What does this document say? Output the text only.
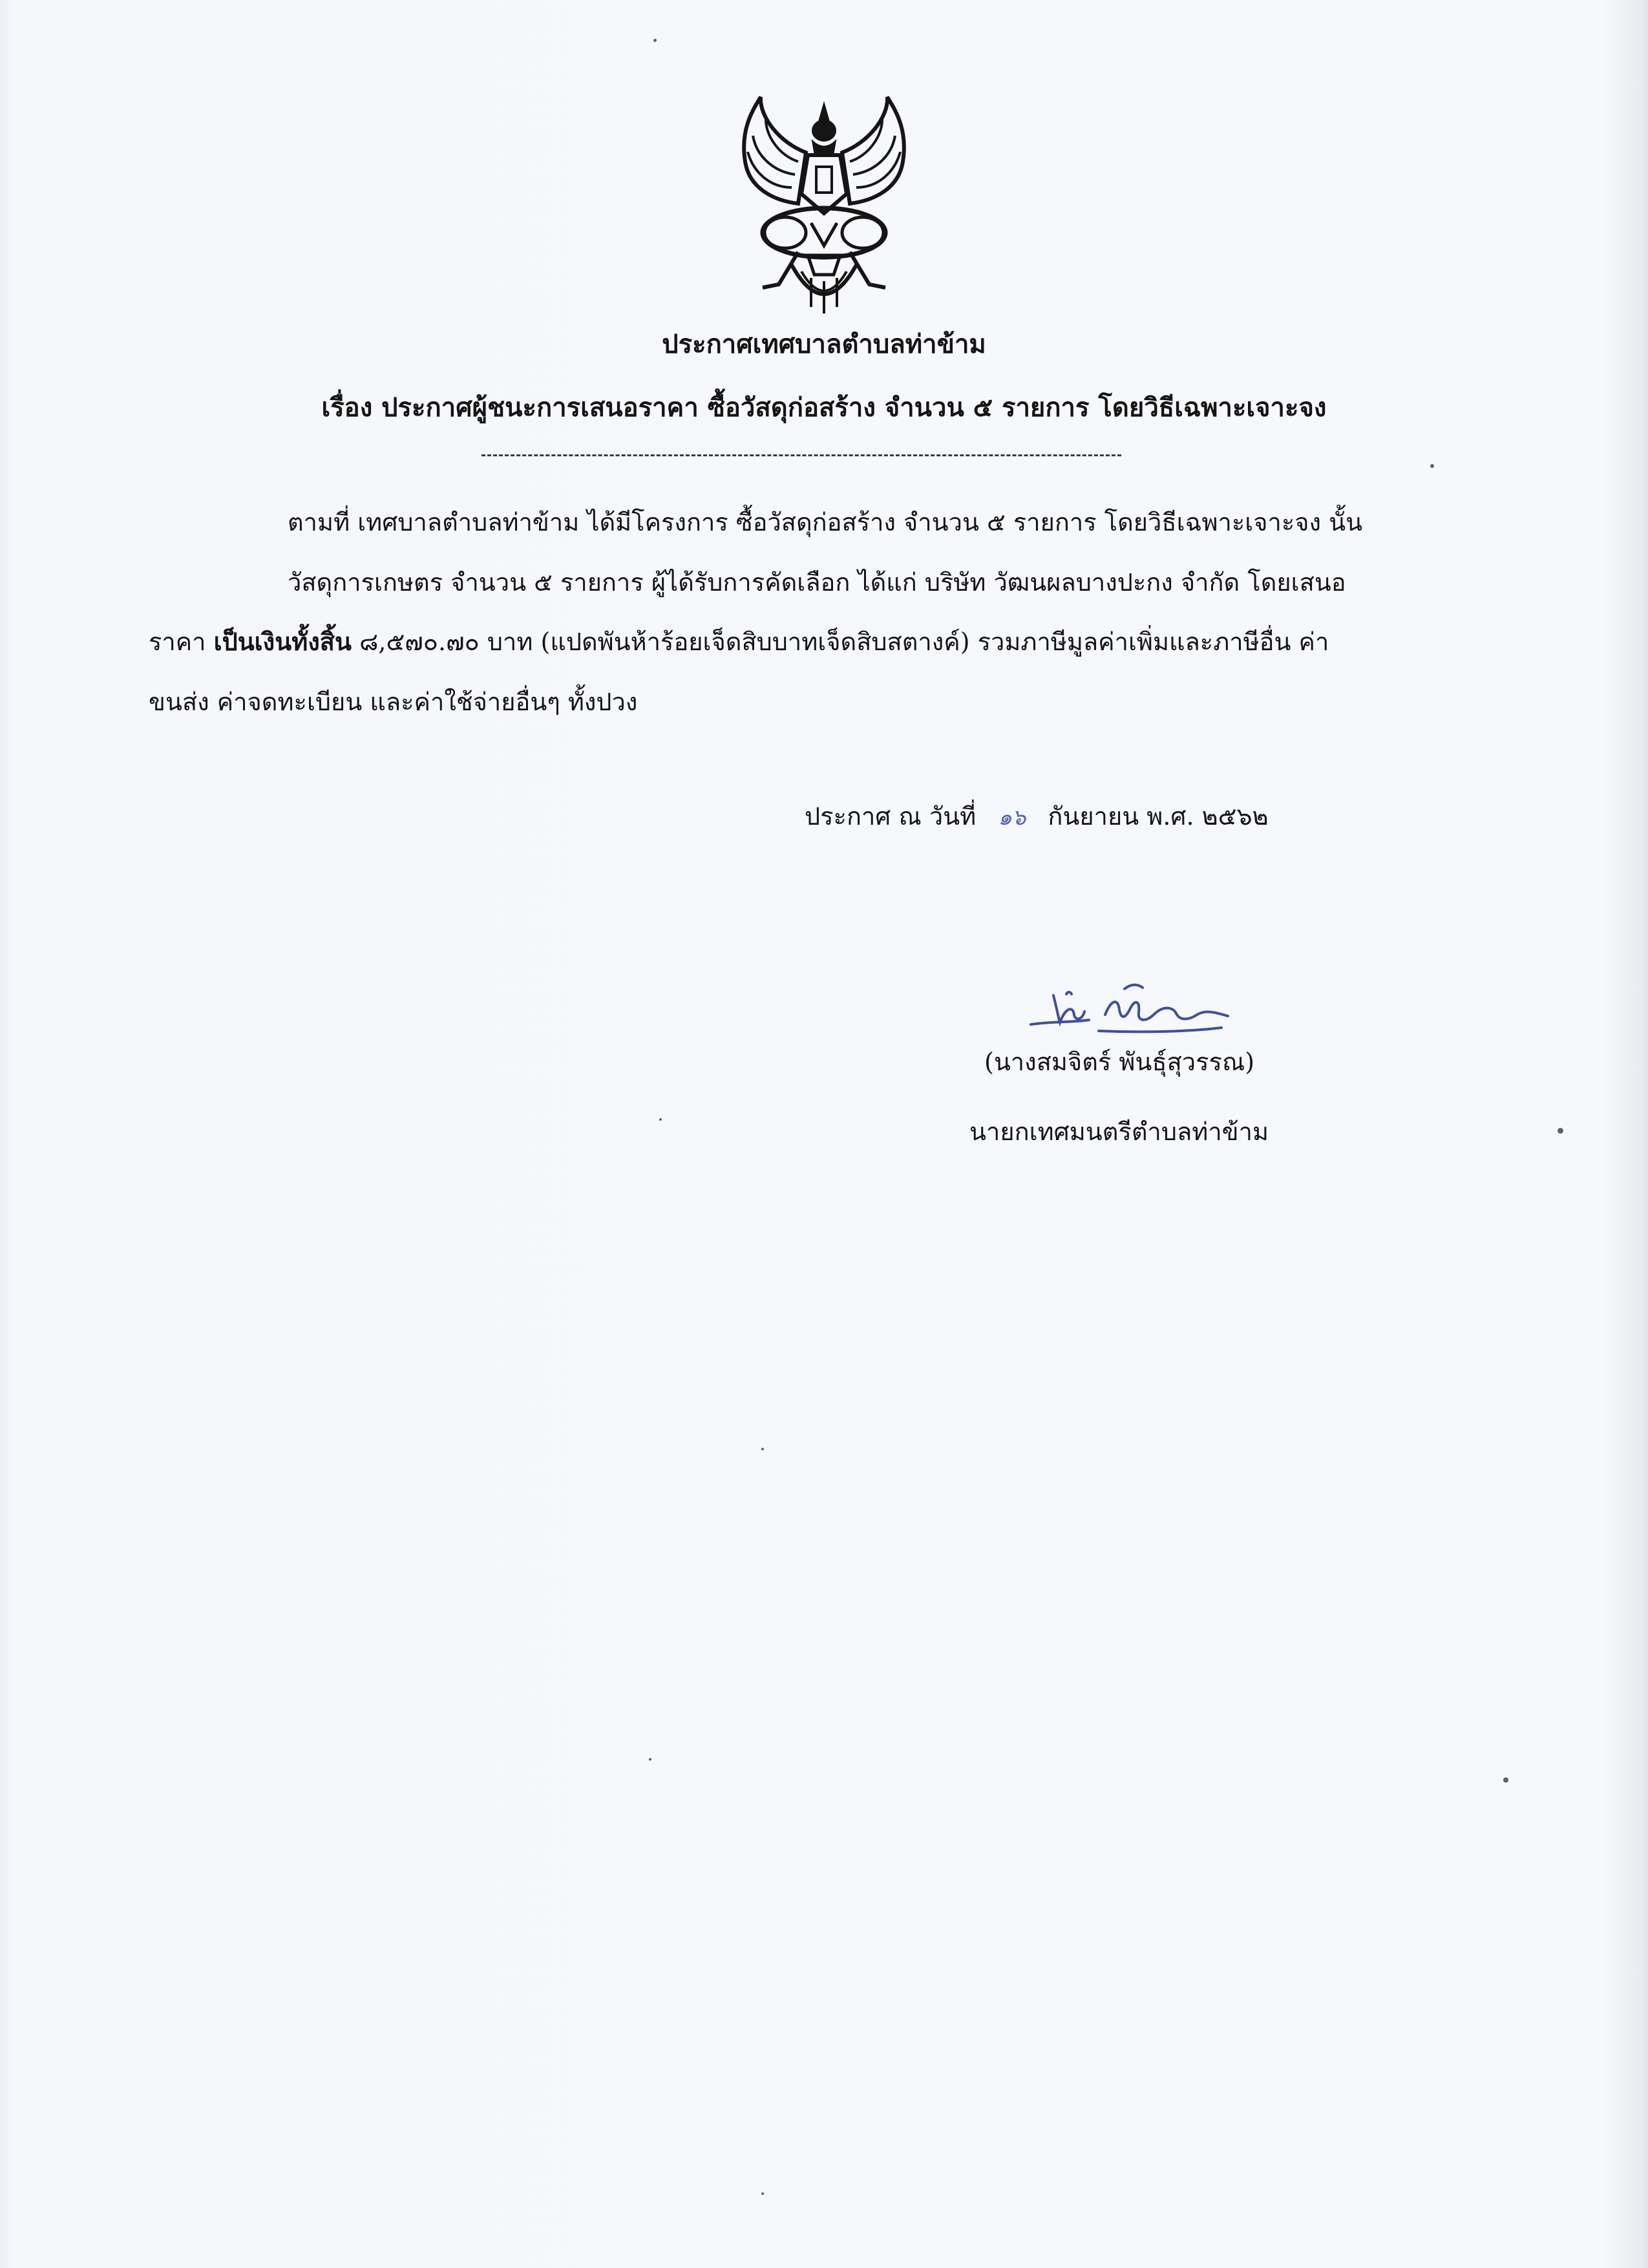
ประกาศเทศบาลตำบลท่าข้าม
เรื่อง ประกาศผู้ชนะการเสนอราคา ซื้อวัสดุก่อสร้าง จำนวน ๕ รายการ โดยวิธีเฉพาะเจาะจง
ตามที่ เทศบาลตำบลท่าข้าม ได้มีโครงการ ซื้อวัสดุก่อสร้าง จำนวน ๕ รายการ โดยวิธีเฉพาะเจาะจง นั้น
วัสดุการเกษตร จำนวน ๕ รายการ ผู้ได้รับการคัดเลือก ได้แก่ บริษัท วัฒนผลบางปะกง จำกัด โดยเสนอ
ราคา เป็นเงินทั้งสิ้น ๘,๕๗๐.๗๐ บาท (แปดพันห้าร้อยเจ็ดสิบบาทเจ็ดสิบสตางค์) รวมภาษีมูลค่าเพิ่มและภาษีอื่น ค่า
ขนส่ง ค่าจดทะเบียน และค่าใช้จ่ายอื่นๆ ทั้งปวง
ประกาศ ณ วันที่ ๑๖ กันยายน พ.ศ. ๒๕๖๒
(นางสมจิตร์ พันธุ์สุวรรณ)
นายกเทศมนตรีตำบลท่าข้าม
